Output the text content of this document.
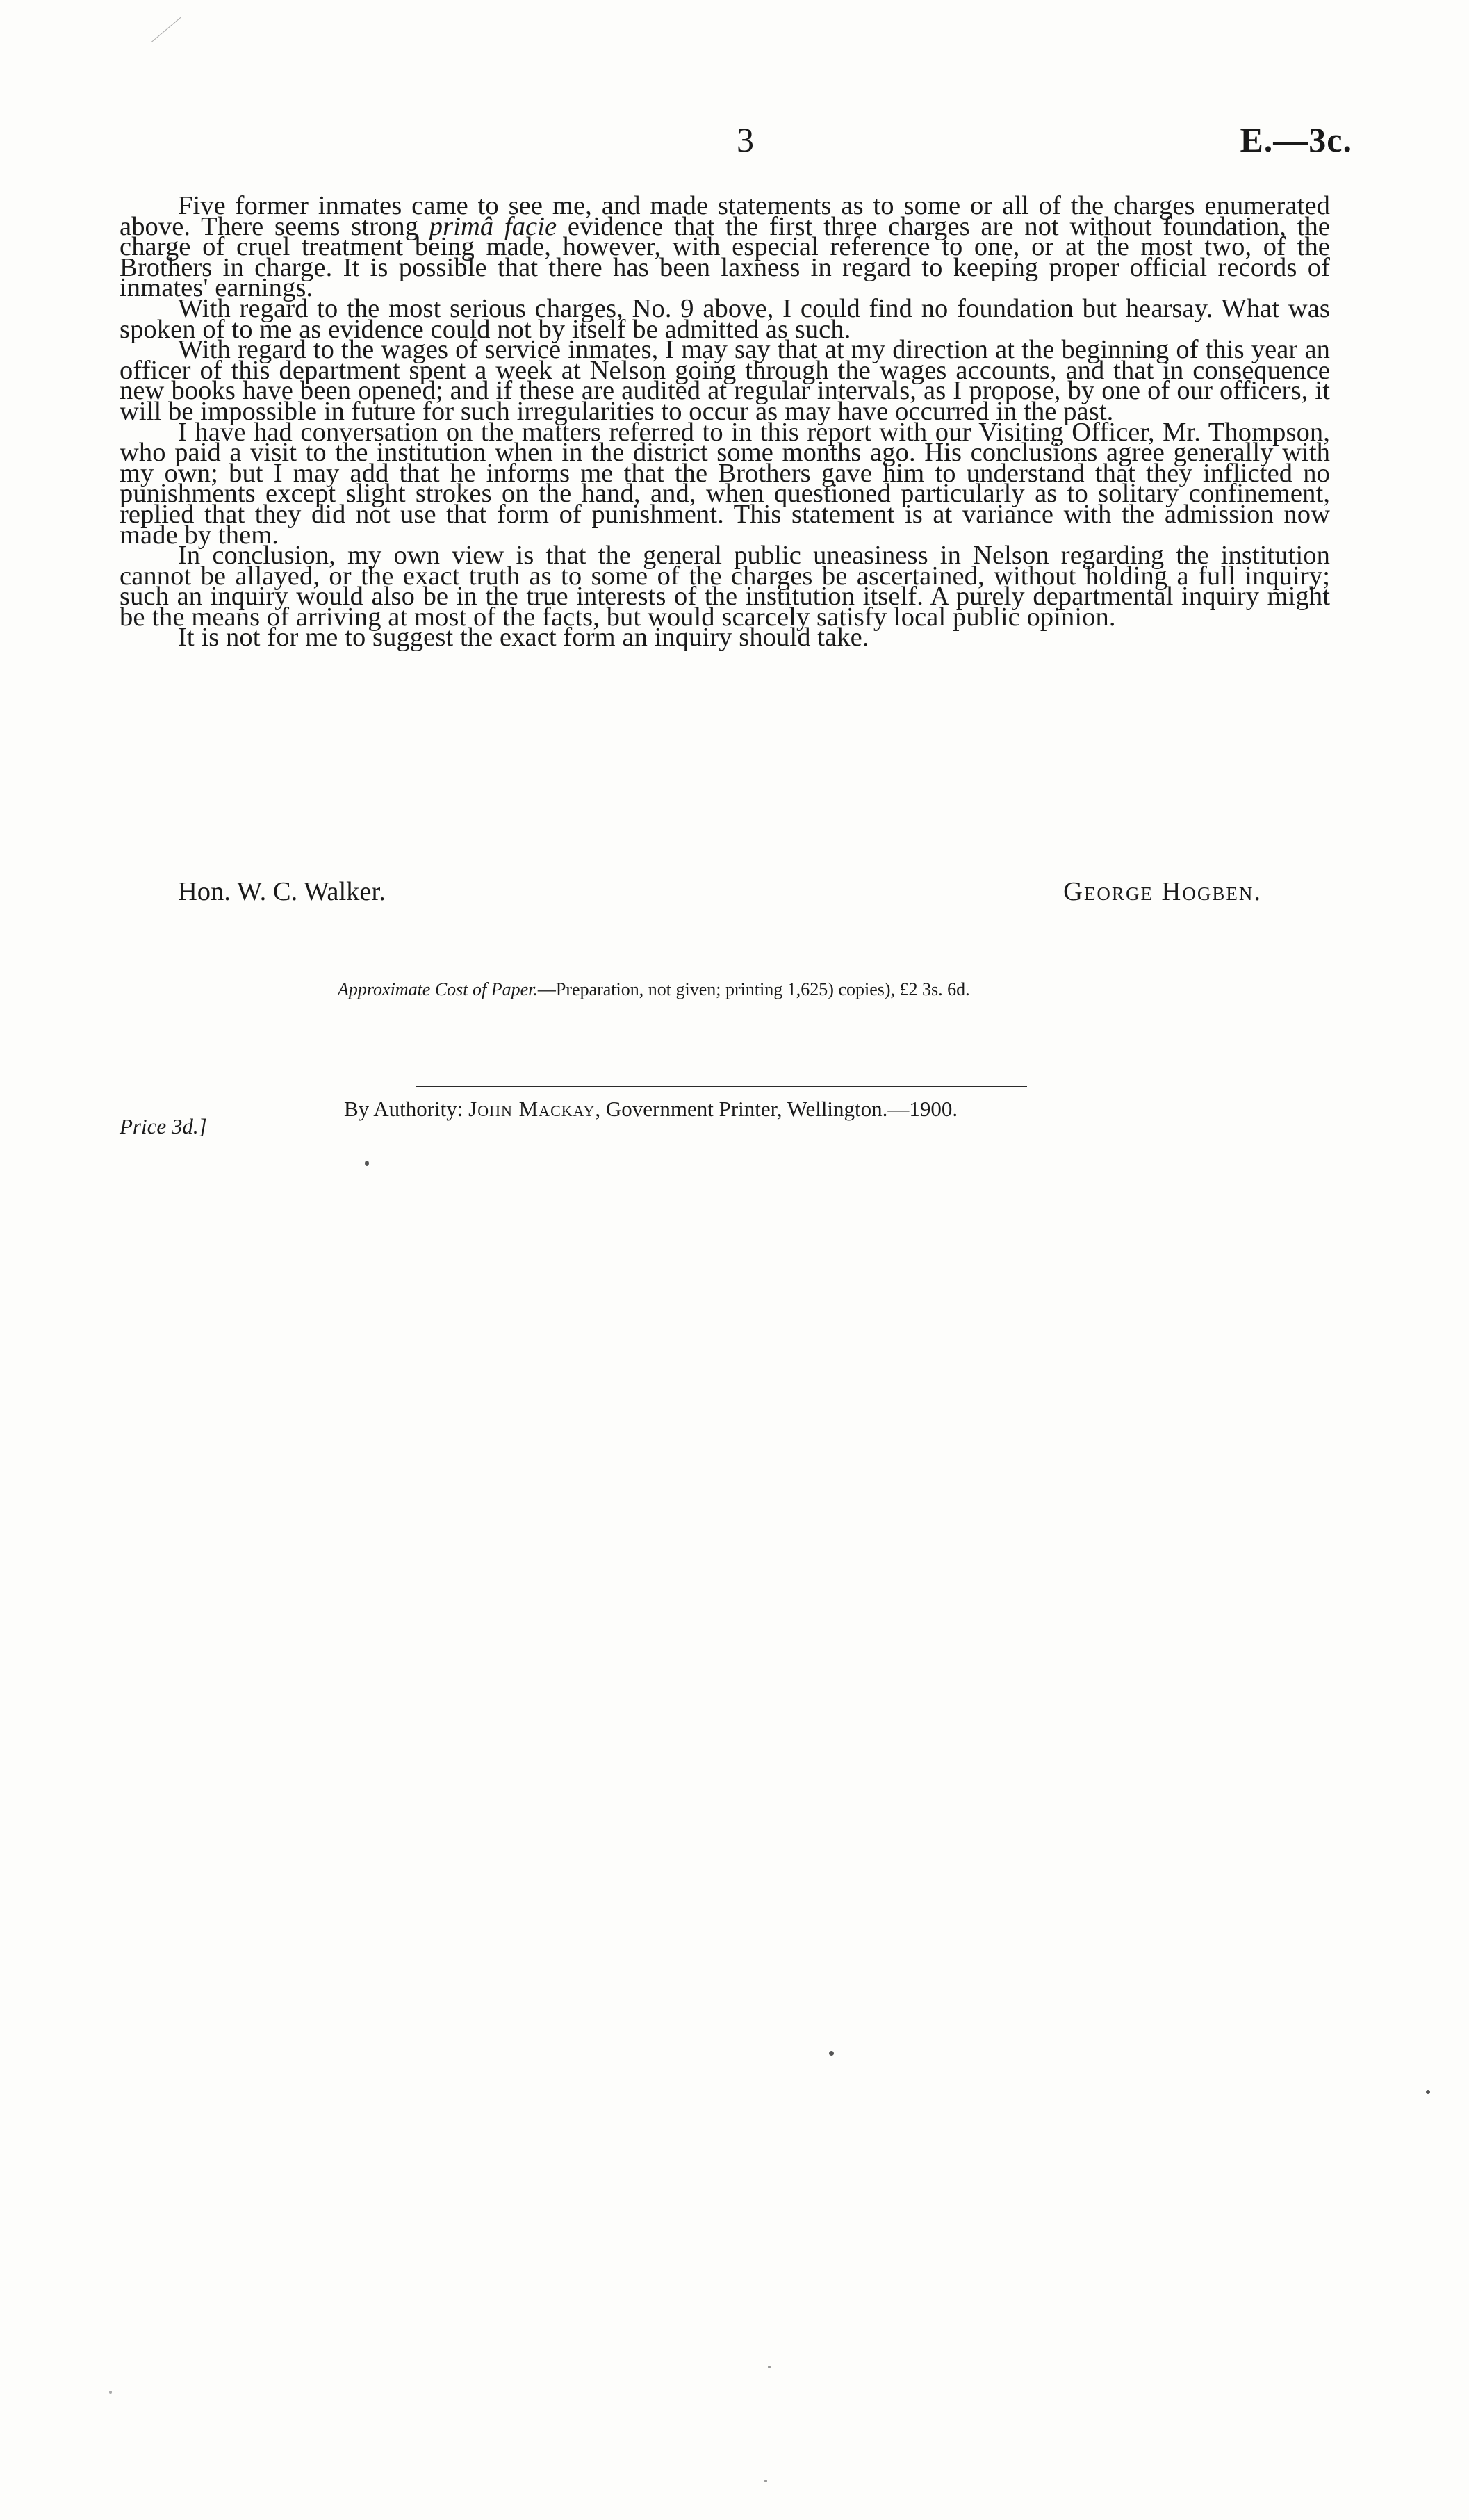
3	E.—3c.

Five former inmates came to see me, and made statements as to some or all of the charges enumerated above. There seems strong primâ facie evidence that the first three charges are not without foundation, the charge of cruel treatment being made, however, with especial reference to one, or at the most two, of the Brothers in charge. It is possible that there has been laxness in regard to keeping proper official records of inmates' earnings.

With regard to the most serious charges, No. 9 above, I could find no foundation but hearsay. What was spoken of to me as evidence could not by itself be admitted as such.

With regard to the wages of service inmates, I may say that at my direction at the beginning of this year an officer of this department spent a week at Nelson going through the wages accounts, and that in consequence new books have been opened; and if these are audited at regular intervals, as I propose, by one of our officers, it will be impossible in future for such irregularities to occur as may have occurred in the past.

I have had conversation on the matters referred to in this report with our Visiting Officer, Mr. Thompson, who paid a visit to the institution when in the district some months ago. His conclusions agree generally with my own; but I may add that he informs me that the Brothers gave him to understand that they inflicted no punishments except slight strokes on the hand, and, when questioned particularly as to solitary confinement, replied that they did not use that form of punishment. This statement is at variance with the admission now made by them.

In conclusion, my own view is that the general public uneasiness in Nelson regarding the institution cannot be allayed, or the exact truth as to some of the charges be ascertained, without holding a full inquiry; such an inquiry would also be in the true interests of the institution itself. A purely departmental inquiry might be the means of arriving at most of the facts, but would scarcely satisfy local public opinion.

It is not for me to suggest the exact form an inquiry should take.

Hon. W. C. Walker.	George Hogben.
Approximate Cost of Paper.—Preparation, not given; printing 1,625) copies), £2 3s. 6d.
By Authority: John Mackay, Government Printer, Wellington.—1900.
Price 3d.]
